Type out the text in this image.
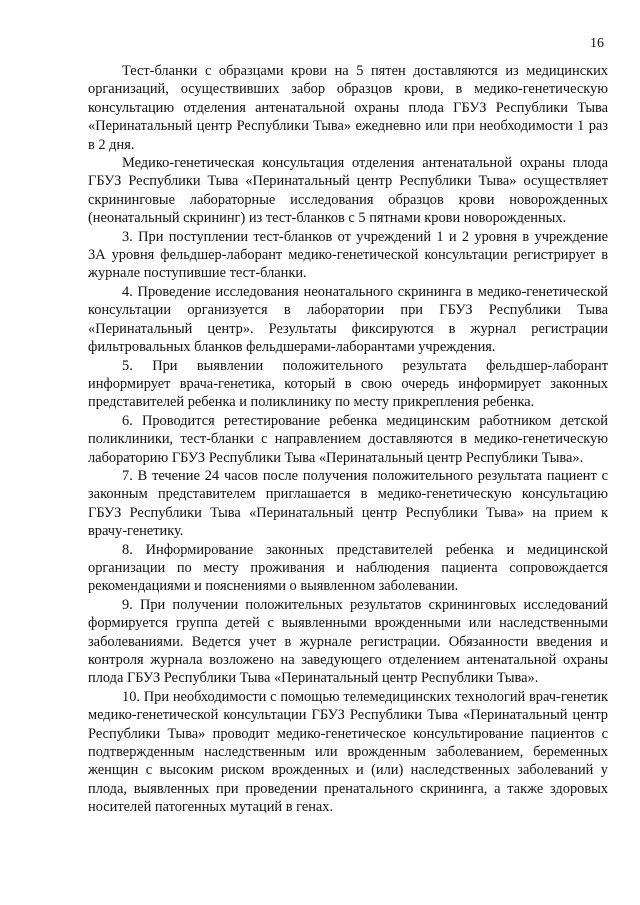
16

Тест-бланки с образцами крови на 5 пятен доставляются из медицинских организаций, осуществивших забор образцов крови, в медико-генетическую консультацию отделения антенатальной охраны плода ГБУЗ Республики Тыва «Перинатальный центр Республики Тыва» ежедневно или при необходимости 1 раз в 2 дня.

Медико-генетическая консультация отделения антенатальной охраны плода ГБУЗ Республики Тыва «Перинатальный центр Республики Тыва» осуществляет скрининговые лабораторные исследования образцов крови новорожденных (неонатальный скрининг) из тест-бланков с 5 пятнами крови новорожденных.

3. При поступлении тест-бланков от учреждений 1 и 2 уровня в учреждение 3А уровня фельдшер-лаборант медико-генетической консультации регистрирует в журнале поступившие тест-бланки.

4. Проведение исследования неонатального скрининга в медико-генетической консультации организуется в лаборатории при ГБУЗ Республики Тыва «Перинатальный центр». Результаты фиксируются в журнал регистрации фильтровальных бланков фельдшерами-лаборантами учреждения.

5. При выявлении положительного результата фельдшер-лаборант информирует врача-генетика, который в свою очередь информирует законных представителей ребенка и поликлинику по месту прикрепления ребенка.

6. Проводится ретестирование ребенка медицинским работником детской поликлиники, тест-бланки с направлением доставляются в медико-генетическую лабораторию ГБУЗ Республики Тыва «Перинатальный центр Республики Тыва».

7. В течение 24 часов после получения положительного результата пациент с законным представителем приглашается в медико-генетическую консультацию ГБУЗ Республики Тыва «Перинатальный центр Республики Тыва» на прием к врачу-генетику.

8. Информирование законных представителей ребенка и медицинской организации по месту проживания и наблюдения пациента сопровождается рекомендациями и пояснениями о выявленном заболевании.

9. При получении положительных результатов скрининговых исследований формируется группа детей с выявленными врожденными или наследственными заболеваниями. Ведется учет в журнале регистрации. Обязанности введения и контроля журнала возложено на заведующего отделением антенатальной охраны плода ГБУЗ Республики Тыва «Перинатальный центр Республики Тыва».

10. При необходимости с помощью телемедицинских технологий врач-генетик медико-генетической консультации ГБУЗ Республики Тыва «Перинатальный центр Республики Тыва» проводит медико-генетическое консультирование пациентов с подтвержденным наследственным или врожденным заболеванием, беременных женщин с высоким риском врожденных и (или) наследственных заболеваний у плода, выявленных при проведении пренатального скрининга, а также здоровых носителей патогенных мутаций в генах.
